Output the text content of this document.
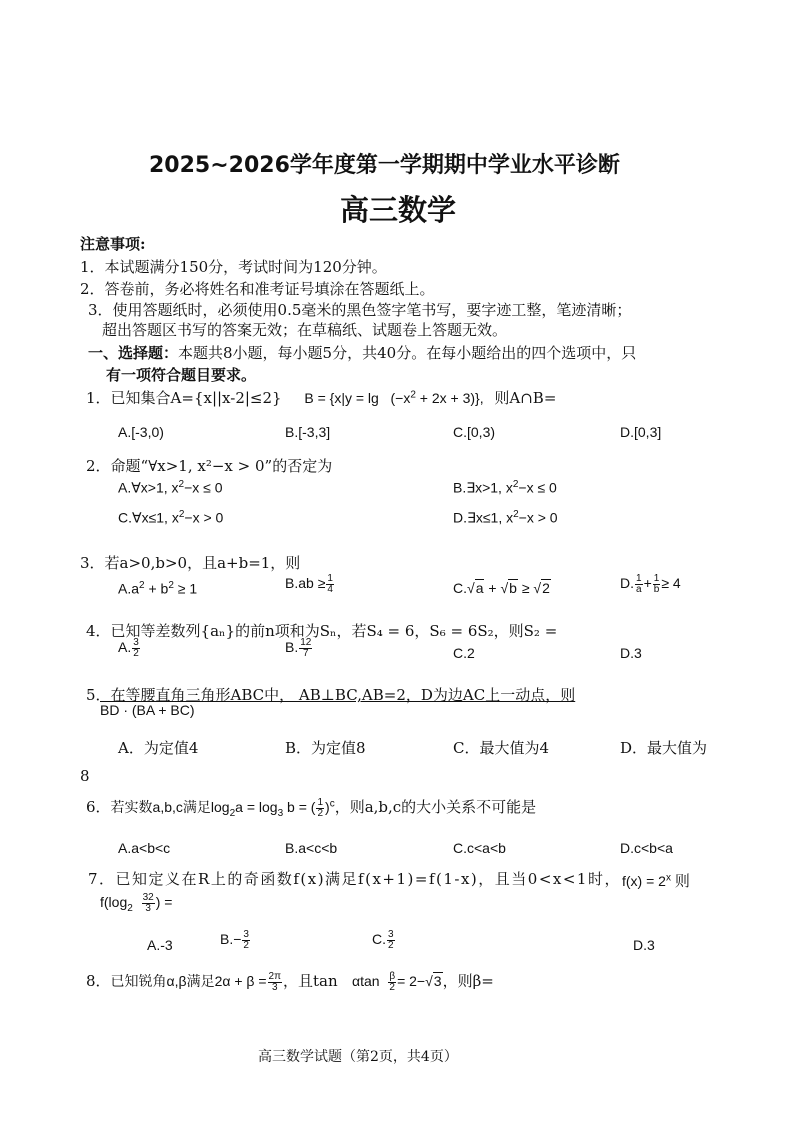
2025~2026学年度第一学期期中学业水平诊断
高三数学
注意事项:
1．本试题满分150分，考试时间为120分钟。
2．答卷前，务必将姓名和准考证号填涂在答题纸上。
3．使用答题纸时，必须使用0.5毫米的黑色签字笔书写，要字迹工整，笔迹清晰；
超出答题区书写的答案无效；在草稿纸、试题卷上答题无效。
一、选择题：本题共8小题，每小题5分，共40分。在每小题给出的四个选项中，只
有一项符合题目要求。
1．已知集合A={x||x-2|≤2} $B = \{x|y = \lg (-x^2 + 2x + 3)\}$, 则A∩B=
A.[-3,0)	B.[-3,3]	C.[0,3)	D.[0,3]
2．命题“∀x>1, x²−x > 0”的否定为
A.∀x>1, $x^2-x \le 0$	B.∃x>1, $x^2-x \le 0$
C.∀x≤1, $x^2-x > 0$	D.∃x≤1, $x^2-x > 0$
3．若a>0,b>0，且a+b=1，则
$A.a^2 + b^2 \ge 1$	$B.ab \ge \frac{1}{4}$	C.√a + √b ≥ √2	D. $\frac{1}{a} + \frac{1}{b} \ge 4$
4．已知等差数列{aₙ}的前n项和为Sₙ，若S₄ = 6，S₆ = 6S₂，则S₂ =
A. $\frac{3}{2}$	B. $\frac{12}{7}$	C.2	D.3
5．在等腰直角三角形ABC中， AB⊥BC,AB=2，D为边AC上一动点，则
BD · (BA + BC)
A．为定值4	B．为定值8	C．最大值为4	D．最大值为
8
6．若实数a,b,c满足$\log_2a = \log_3 b$ = ( $\frac{1}{2} )^c$，则a,b,c的大小关系不可能是
A.a<b<c	B.a<c<b	C.c<a<b	D.c<b<a
7．已知定义在R上的奇函数f(x)满足f(x+1)=f(1-x)，且当0<x<1时， $f(x) = 2^x$ 则
$f(\log_2 \frac{32}{3}$ ) =
A.-3	$B.- \frac{3}{2}$	C. $\frac{3}{2}$	D.3
8．已知锐角α,β满足$2\alpha + \beta = \frac{2\pi}{3}$ ，且tan αtan $\frac{\beta}{2} = 2-√3$，则β=
高三数学试题（第2页，共4页）
